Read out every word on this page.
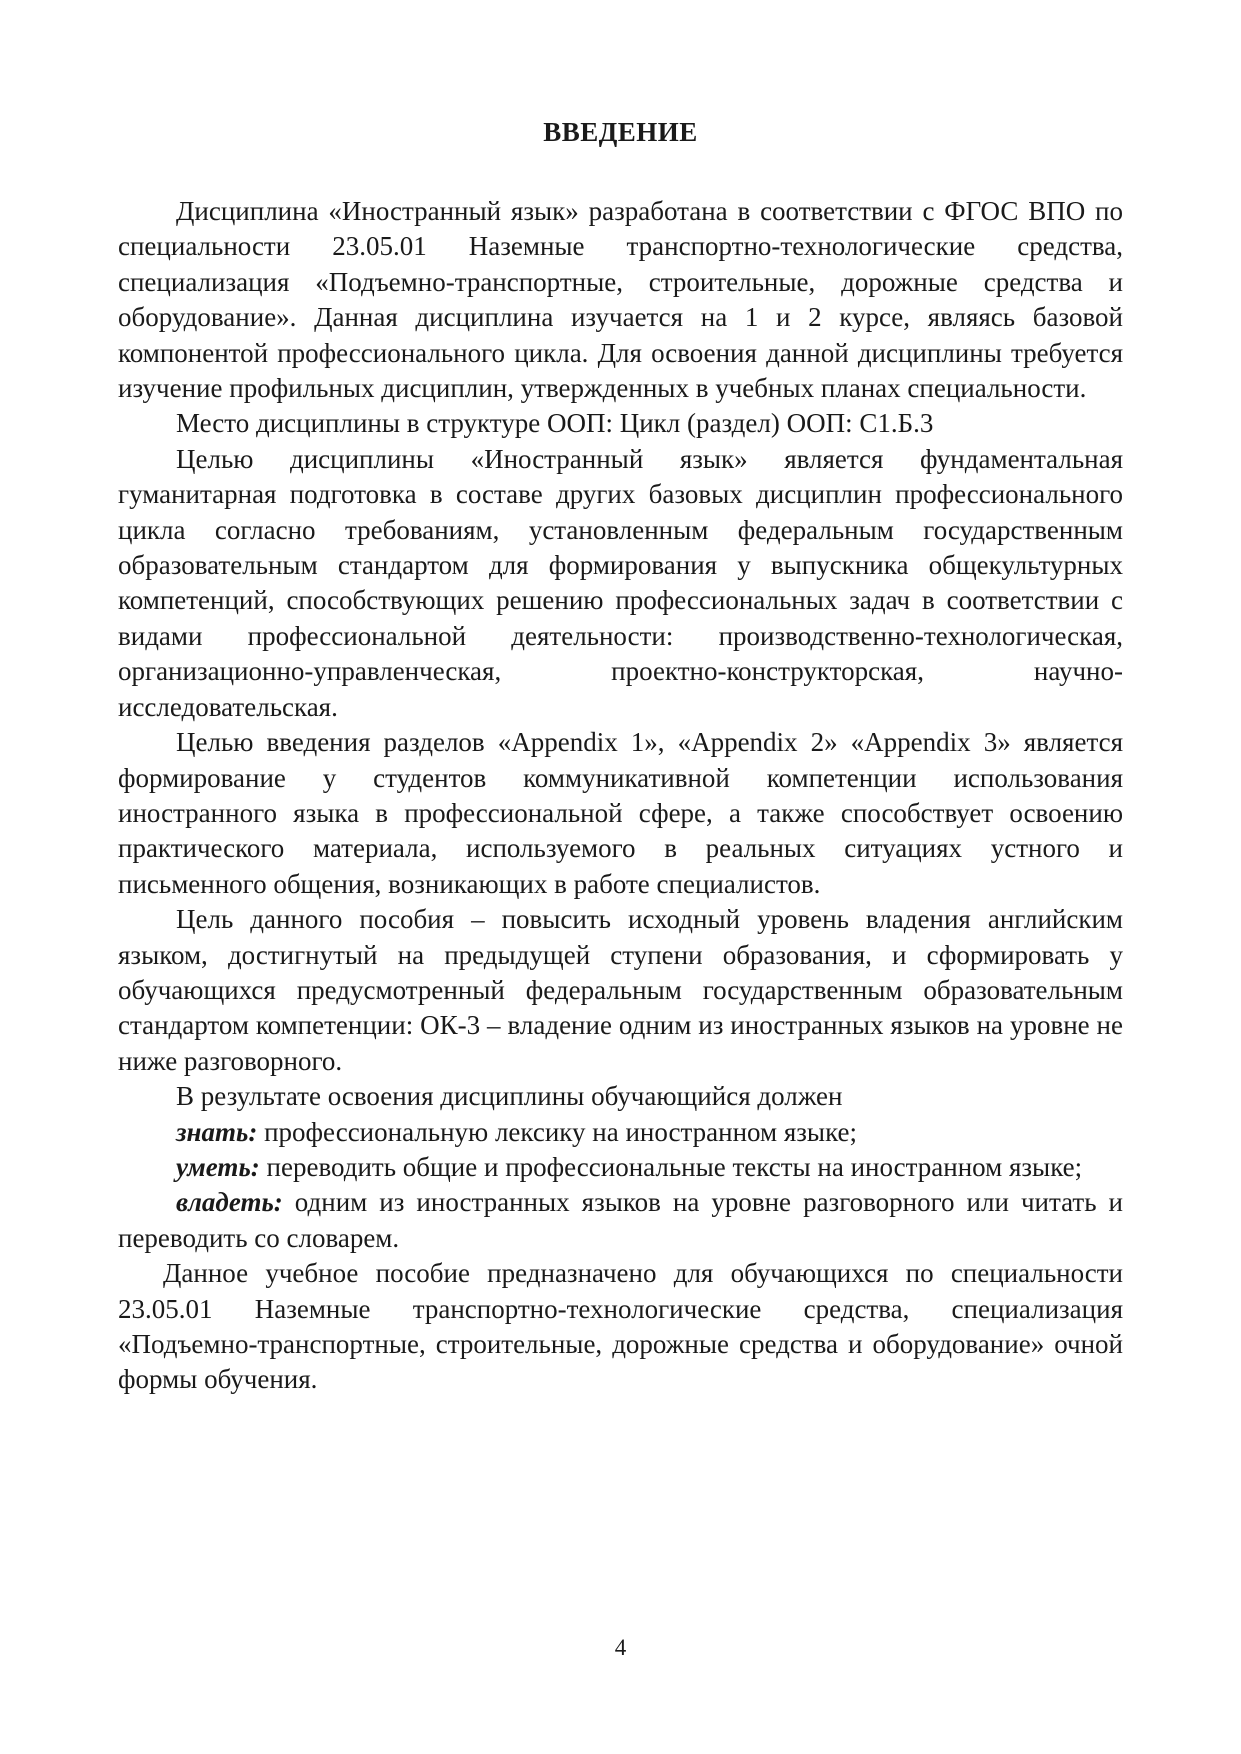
ВВЕДЕНИЕ

Дисциплина «Иностранный язык» разработана в соответствии с ФГОС ВПО по специальности 23.05.01 Наземные транспортно-технологические средства, специализация «Подъемно-транспортные, строительные, дорожные средства и оборудование». Данная дисциплина изучается на 1 и 2 курсе, являясь базовой компонентой профессионального цикла. Для освоения данной дисциплины требуется изучение профильных дисциплин, утвержденных в учебных планах специальности.

Место дисциплины в структуре ООП: Цикл (раздел) ООП: С1.Б.3

Целью дисциплины «Иностранный язык» является фундаментальная гуманитарная подготовка в составе других базовых дисциплин профессионального цикла согласно требованиям, установленным федеральным государственным образовательным стандартом для формирования у выпускника общекультурных компетенций, способствующих решению профессиональных задач в соответствии с видами профессиональной деятельности: производственно-технологическая, организационно-управленческая, проектно-конструкторская, научно-исследовательская.

Целью введения разделов «Appendix 1», «Appendix 2» «Appendix 3» является формирование у студентов коммуникативной компетенции использования иностранного языка в профессиональной сфере, а также способствует освоению практического материала, используемого в реальных ситуациях устного и письменного общения, возникающих в работе специалистов.

Цель данного пособия – повысить исходный уровень владения английским языком, достигнутый на предыдущей ступени образования, и сформировать у обучающихся предусмотренный федеральным государственным образовательным стандартом компетенции: ОК-3 – владение одним из иностранных языков на уровне не ниже разговорного.

В результате освоения дисциплины обучающийся должен

знать: профессиональную лексику на иностранном языке;

уметь: переводить общие и профессиональные тексты на иностранном языке;

владеть: одним из иностранных языков на уровне разговорного или читать и переводить со словарем.

Данное учебное пособие предназначено для обучающихся по специальности 23.05.01 Наземные транспортно-технологические средства, специализация «Подъемно-транспортные, строительные, дорожные средства и оборудование» очной формы обучения.

4
